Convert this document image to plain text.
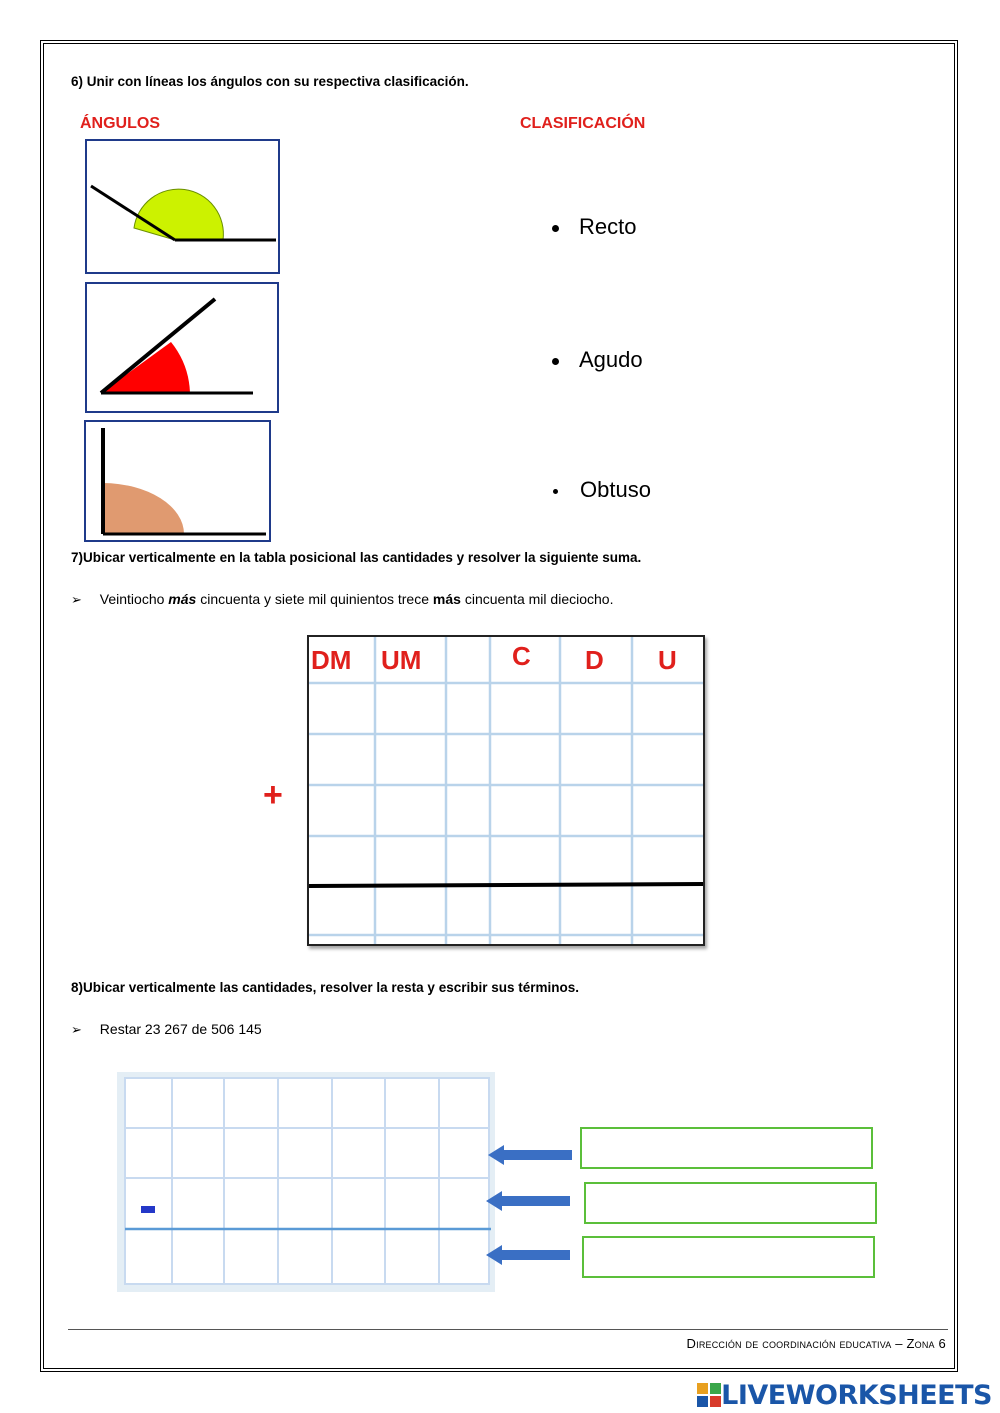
6) Unir con líneas los ángulos con su respectiva clasificación.
ÁNGULOS	CLASIFICACIÓN
Recto
Agudo
Obtuso
7)Ubicar verticalmente en la tabla posicional las cantidades y resolver la siguiente suma.
➢ Veintiocho más cincuenta y siete mil quinientos trece más cincuenta mil dieciocho.
+
DM UM	C D U
8)Ubicar verticalmente las cantidades, resolver la resta y escribir sus términos.
➢ Restar 23 267 de 506 145
Dirección de coordinación educativa – Zona 6
LIVEWORKSHEETS
